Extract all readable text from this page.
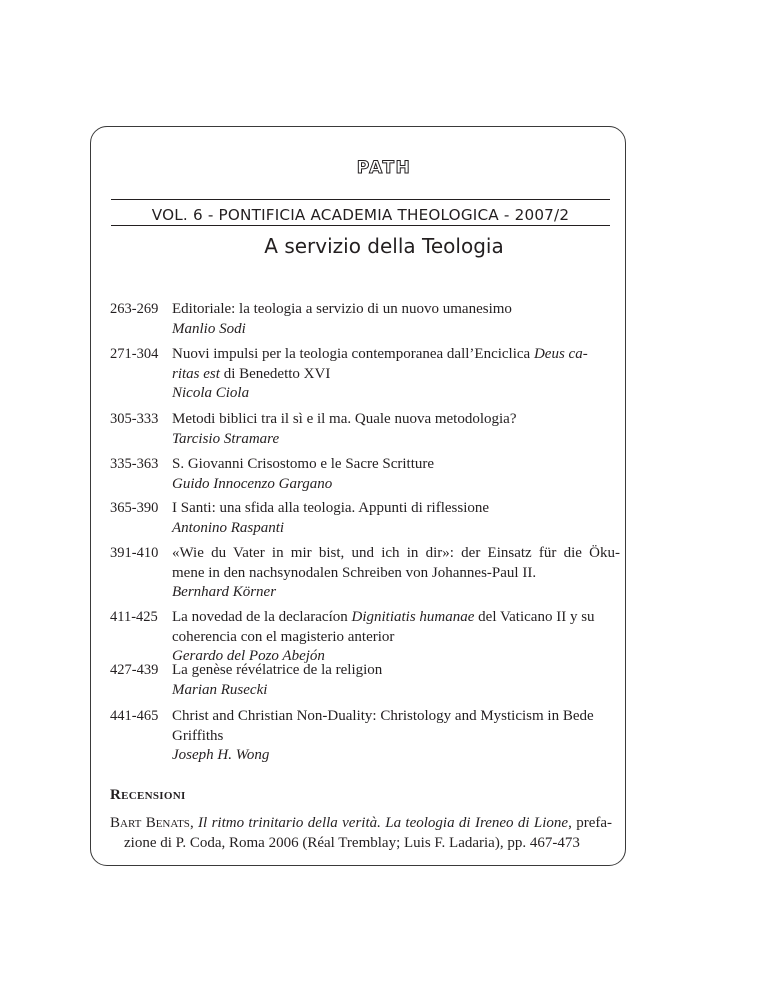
PATH
VOL. 6 - PONTIFICIA ACADEMIA THEOLOGICA - 2007/2
A servizio della Teologia
263-269 Editoriale: la teologia a servizio di un nuovo umanesimo
Manlio Sodi
271-304 Nuovi impulsi per la teologia contemporanea dall’Enciclica Deus ca-
ritas est di Benedetto XVI
Nicola Ciola
305-333 Metodi biblici tra il sì e il ma. Quale nuova metodologia?
Tarcisio Stramare
335-363 S. Giovanni Crisostomo e le Sacre Scritture
Guido Innocenzo Gargano
365-390 I Santi: una sfida alla teologia. Appunti di riflessione
Antonino Raspanti
391-410 «Wie du Vater in mir bist, und ich in dir»: der Einsatz für die Öku-
mene in den nachsynodalen Schreiben von Johannes-Paul II.
Bernhard Körner
411-425 La novedad de la declaracíon Dignitiatis humanae del Vaticano II y su
coherencia con el magisterio anterior
Gerardo del Pozo Abejón
427-439 La genèse révélatrice de la religion
Marian Rusecki
441-465 Christ and Christian Non-Duality: Christology and Mysticism in Bede
Griffiths
Joseph H. Wong
Recensioni
Bart Benats, Il ritmo trinitario della verità. La teologia di Ireneo di Lione, prefa-
zione di P. Coda, Roma 2006 (Réal Tremblay; Luis F. Ladaria), pp. 467-473
